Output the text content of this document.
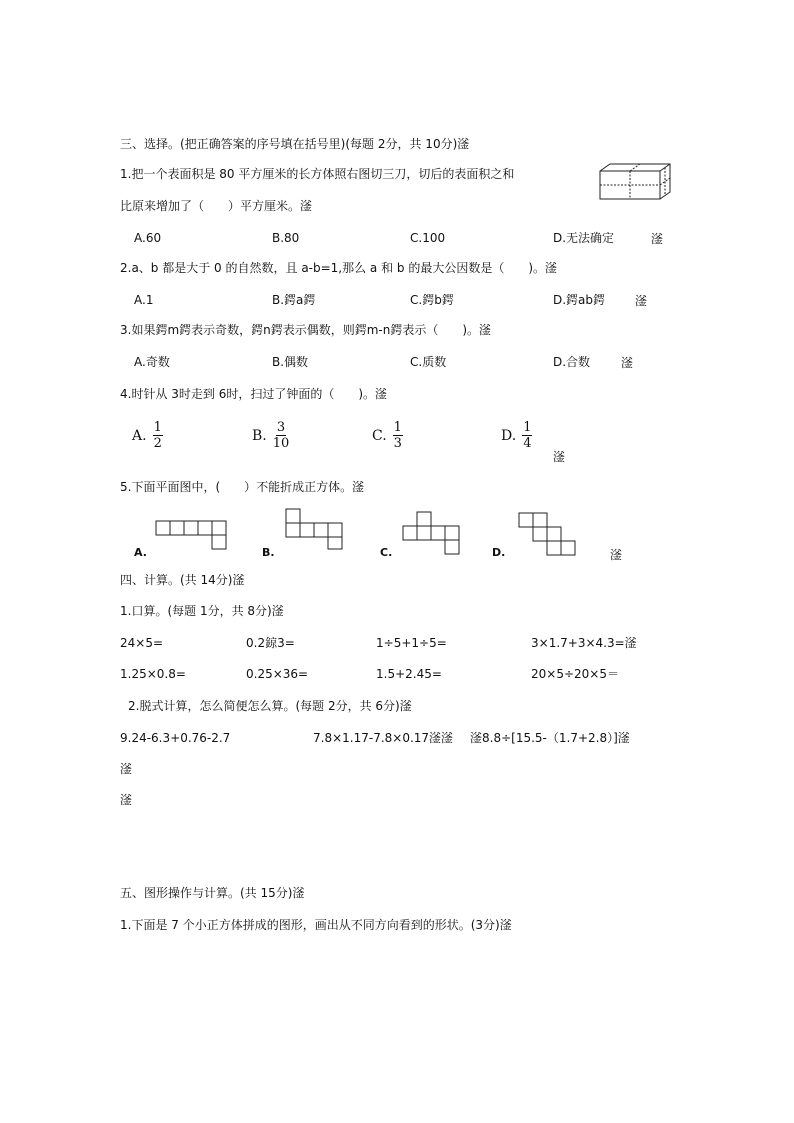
三、选择。(把正确答案的序号填在括号里)(每题 2分，共 10分)滏
1.把一个表面积是 80 平方厘米的长方体照右图切三刀，切后的表面积之和
比原来增加了（　　）平方厘米。滏
A.60	B.80	C.100	D.无法确定	滏
2.a、b 都是大于 0 的自然数，且 a-b=1,那么 a 和 b 的最大公因数是（　　)。滏
A.1	B.鍔a鍔	C.鍔b鍔	D.鍔ab鍔 滏
3.如果鍔m鍔表示奇数，鍔n鍔表示偶数，则鍔m-n鍔表示（　　)。滏
A.奇数	B.偶数	C.质数	D.合数	滏
4.时针从 3时走到 6时，扫过了钟面的（　　)。滏
A. $\frac{1}{2}$	B. $\frac{3}{10}$	C. $\frac{1}{3}$	D. $\frac{1}{4}$
滏
5.下面平面图中，(　　）不能折成正方体。滏
A.	B.	C.	D.	滏
四、计算。(共 14分)滏
1.口算。(每题 1分，共 8分)滏
24×5=	0.2鍄3=	1÷5+1÷5=	3×1.7+3×4.3=滏
1.25×0.8=	0.25×36=	1.5+2.45=	20×5÷20×5＝
2.脱式计算，怎么简便怎么算。(每题 2分，共 6分)滏
9.24-6.3+0.76-2.7	7.8×1.17-7.8×0.17滏滏 滏8.8÷[15.5-（1.7+2.8）]滏
滏
滏
五、图形操作与计算。(共 15分)滏
1.下面是 7 个小正方体拼成的图形，画出从不同方向看到的形状。(3分)滏
